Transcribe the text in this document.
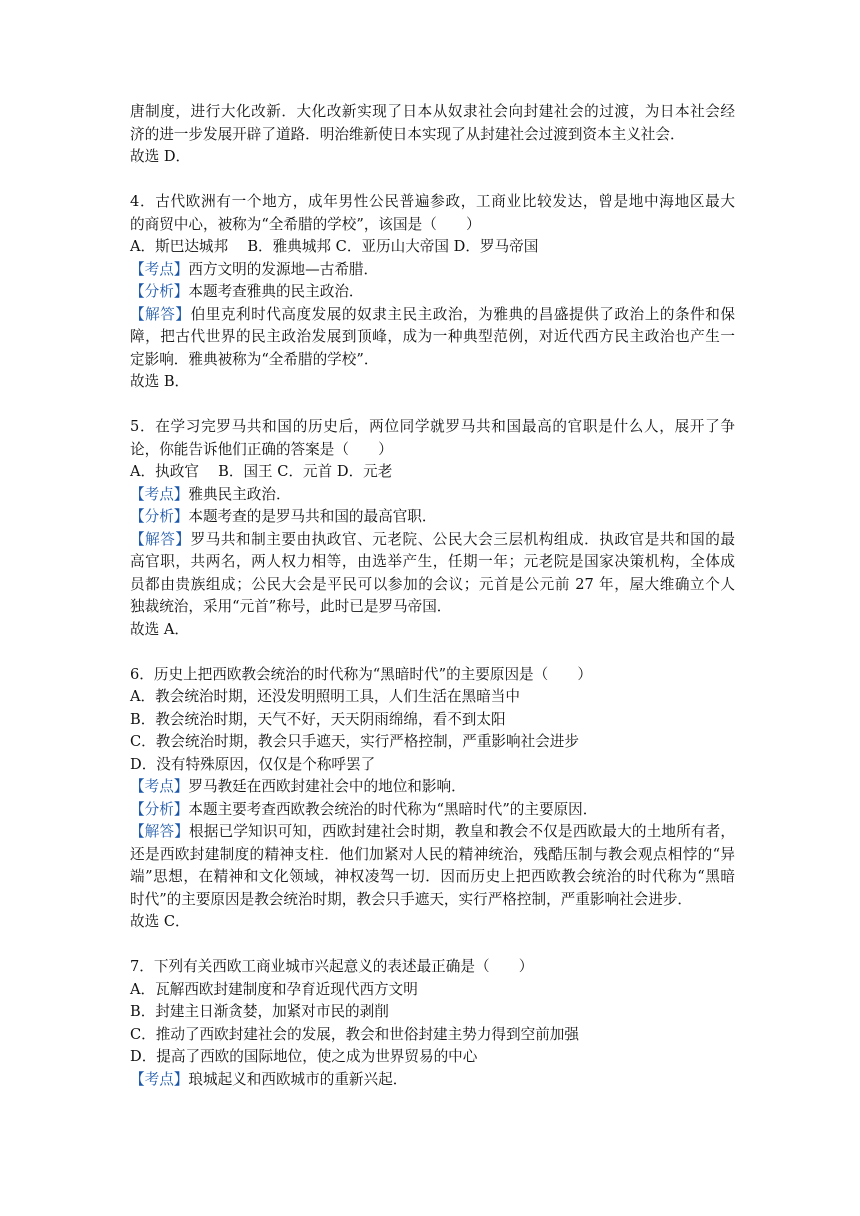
唐制度，进行大化改新．大化改新实现了日本从奴隶社会向封建社会的过渡，为日本社会经
济的进一步发展开辟了道路．明治维新使日本实现了从封建社会过渡到资本主义社会．
故选 D．
4．古代欧洲有一个地方，成年男性公民普遍参政，工商业比较发达，曾是地中海地区最大
的商贸中心，被称为“全希腊的学校”，该国是（　　）
A．斯巴达城邦　 B．雅典城邦 C．亚历山大帝国 D．罗马帝国
【考点】西方文明的发源地—古希腊．
【分析】本题考查雅典的民主政治．
【解答】伯里克利时代高度发展的奴隶主民主政治，为雅典的昌盛提供了政治上的条件和保
障，把古代世界的民主政治发展到顶峰，成为一种典型范例，对近代西方民主政治也产生一
定影响．雅典被称为“全希腊的学校”．
故选 B．
5．在学习完罗马共和国的历史后，两位同学就罗马共和国最高的官职是什么人，展开了争
论，你能告诉他们正确的答案是（　　）
A．执政官　 B．国王 C．元首 D．元老
【考点】雅典民主政治．
【分析】本题考查的是罗马共和国的最高官职．
【解答】罗马共和制主要由执政官、元老院、公民大会三层机构组成．执政官是共和国的最
高官职，共两名，两人权力相等，由选举产生，任期一年；元老院是国家决策机构，全体成
员都由贵族组成；公民大会是平民可以参加的会议；元首是公元前 27 年，屋大维确立个人
独裁统治，采用“元首”称号，此时已是罗马帝国．
故选 A．
6．历史上把西欧教会统治的时代称为“黑暗时代”的主要原因是（　　）
A．教会统治时期，还没发明照明工具，人们生活在黑暗当中
B．教会统治时期，天气不好，天天阴雨绵绵，看不到太阳
C．教会统治时期，教会只手遮天，实行严格控制，严重影响社会进步
D．没有特殊原因，仅仅是个称呼罢了
【考点】罗马教廷在西欧封建社会中的地位和影响．
【分析】本题主要考查西欧教会统治的时代称为“黑暗时代”的主要原因．
【解答】根据已学知识可知，西欧封建社会时期，教皇和教会不仅是西欧最大的土地所有者，
还是西欧封建制度的精神支柱．他们加紧对人民的精神统治，残酷压制与教会观点相悖的“异
端”思想，在精神和文化领域，神权凌驾一切．因而历史上把西欧教会统治的时代称为“黑暗
时代”的主要原因是教会统治时期，教会只手遮天，实行严格控制，严重影响社会进步．
故选 C．
7．下列有关西欧工商业城市兴起意义的表述最正确是（　　）
A．瓦解西欧封建制度和孕育近现代西方文明
B．封建主日渐贪婪，加紧对市民的剥削
C．推动了西欧封建社会的发展，教会和世俗封建主势力得到空前加强
D．提高了西欧的国际地位，使之成为世界贸易的中心
【考点】琅城起义和西欧城市的重新兴起．
